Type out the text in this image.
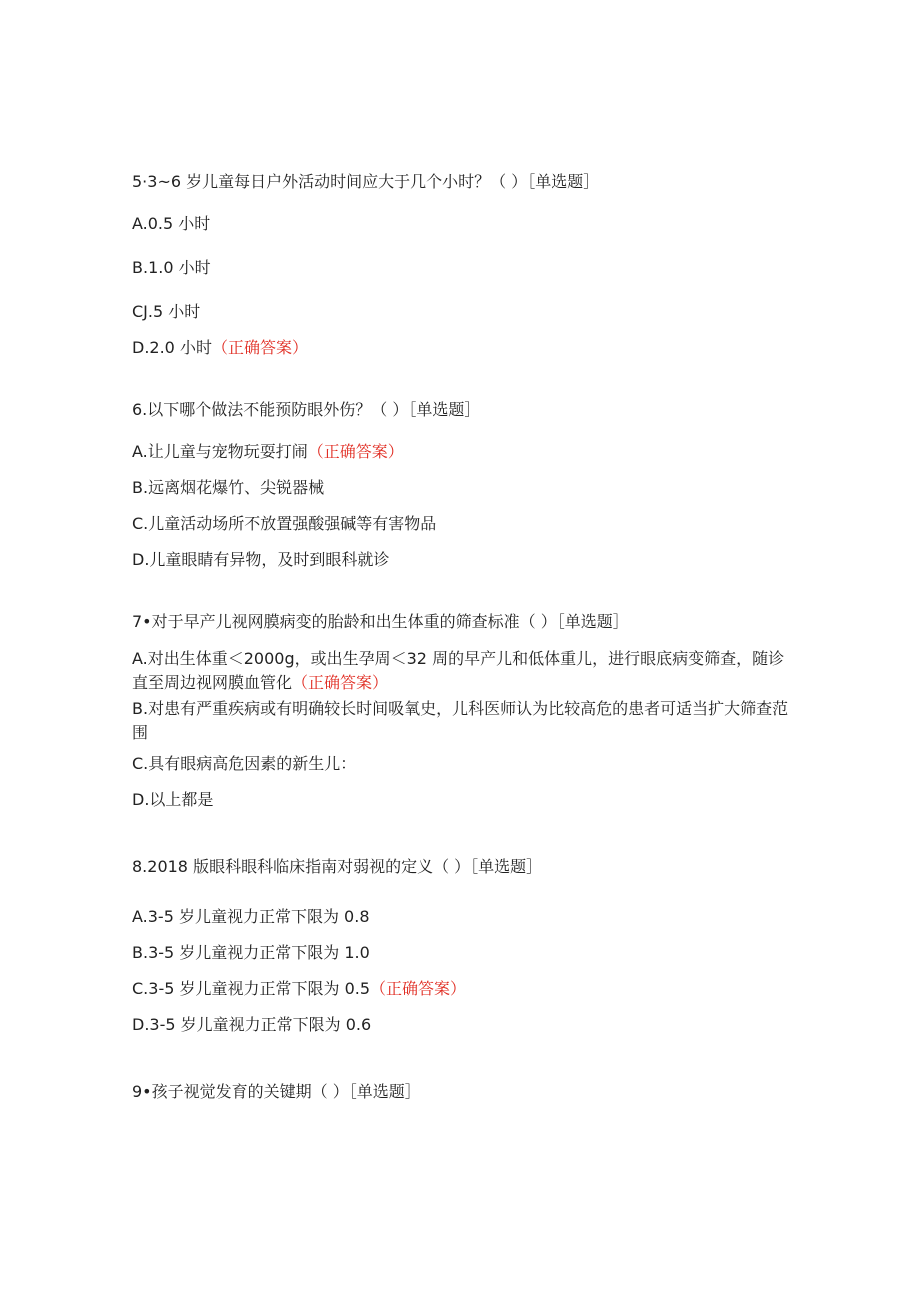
5·3~6 岁儿童每日户外活动时间应大于几个小时？（ ）［单选题］
A.0.5 小时
B.1.0 小时
CJ.5 小时
D.2.0 小时（正确答案）
6.以下哪个做法不能预防眼外伤？（ ）［单选题］
A.让儿童与宠物玩耍打闹（正确答案）
B.远离烟花爆竹、尖锐器械
C.儿童活动场所不放置强酸强碱等有害物品
D.儿童眼睛有异物，及时到眼科就诊
7•对于早产儿视网膜病变的胎龄和出生体重的筛查标准（ ）［单选题］
A.对出生体重＜2000g，或出生孕周＜32 周的早产儿和低体重儿，进行眼底病变筛查，随诊直至周边视网膜血管化（正确答案）
B.对患有严重疾病或有明确较长时间吸氧史，儿科医师认为比较高危的患者可适当扩大筛查范围
C.具有眼病高危因素的新生儿：
D.以上都是
8.2018 版眼科眼科临床指南对弱视的定义（ ）［单选题］
A.3-5 岁儿童视力正常下限为 0.8
B.3-5 岁儿童视力正常下限为 1.0
C.3-5 岁儿童视力正常下限为 0.5（正确答案）
D.3-5 岁儿童视力正常下限为 0.6
9•孩子视觉发育的关键期（ ）［单选题］
